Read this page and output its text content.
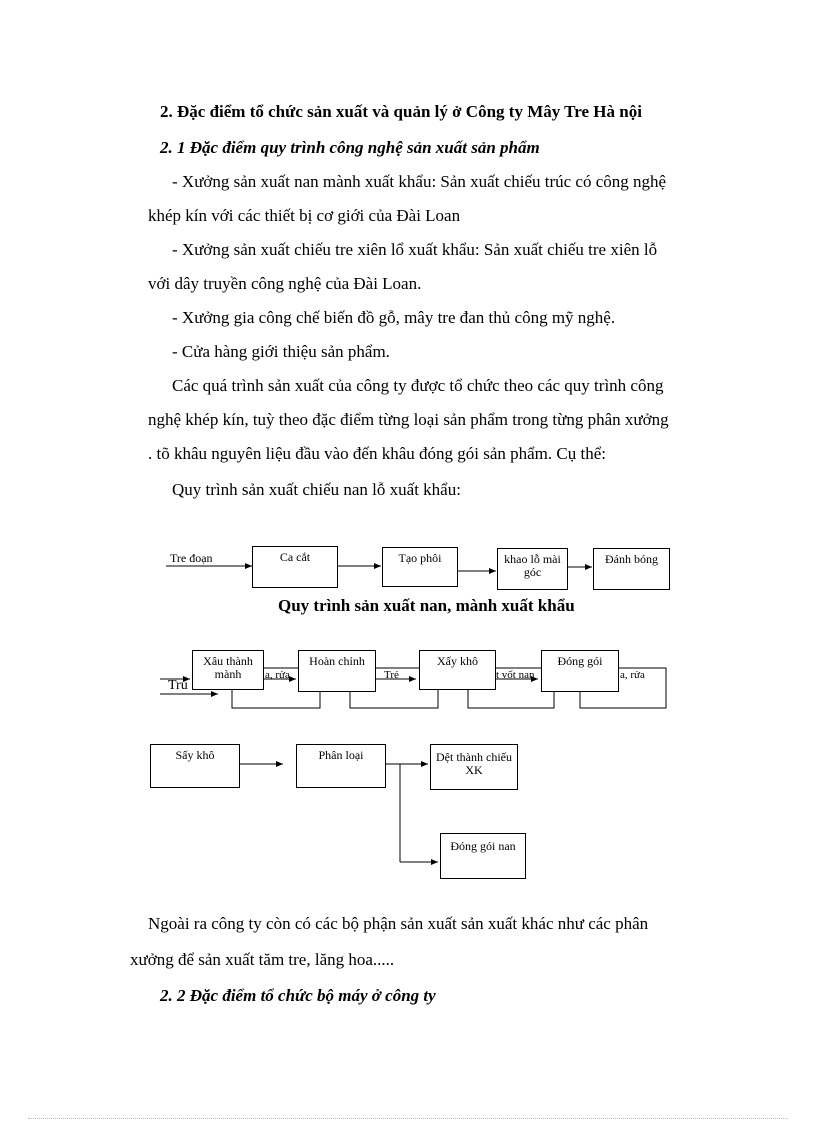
2. Đặc điểm tổ chức sản xuất và quản lý ở Công ty Mây Tre Hà nội
2. 1 Đặc điểm quy trình công nghệ sản xuất sản phẩm
- Xưởng sản xuất nan mành xuất khẩu: Sản xuất chiếu trúc có công nghệ
khép kín với các thiết bị cơ giới của Đài Loan
- Xưởng sản xuất chiếu tre xiên lổ xuất khẩu: Sản xuất chiếu tre xiên lỗ
với dây truyền công nghệ của Đài Loan.
- Xưởng gia công chế biến đồ gỗ, mây tre đan thủ công mỹ nghệ.
- Cửa hàng giới thiệu sản phẩm.
Các quá trình sản xuất của công ty được tổ chức theo các quy trình công
nghệ khép kín, tuỳ theo đặc điểm từng loại sản phẩm trong từng phân xưởng
. tõ khâu nguyên liệu đầu vào đến khâu đóng gói sản phẩm. Cụ thể:
Quy trình sản xuất chiếu nan lỗ xuất khẩu:
Tre đoạn	Ca cắt	Tạo phôi	khao lỗ mài góc
Đánh bóng
Quy trình sản xuất nan, mành xuất khẩu
Trú
a, rửa	Trẻ	t vốt nan	a, rửa
Xâu thành mành
Hoàn chỉnh	Xấy khô	Đóng gói
Sấy khô	Phân loại	Dệt thành chiếu XK
Đóng gói nan
Ngoài ra công ty còn có các bộ phận sản xuất sản xuất khác như các phân
xưởng để sản xuất tăm tre, lăng hoa.....
2. 2 Đặc điểm tổ chức bộ máy ở công ty
